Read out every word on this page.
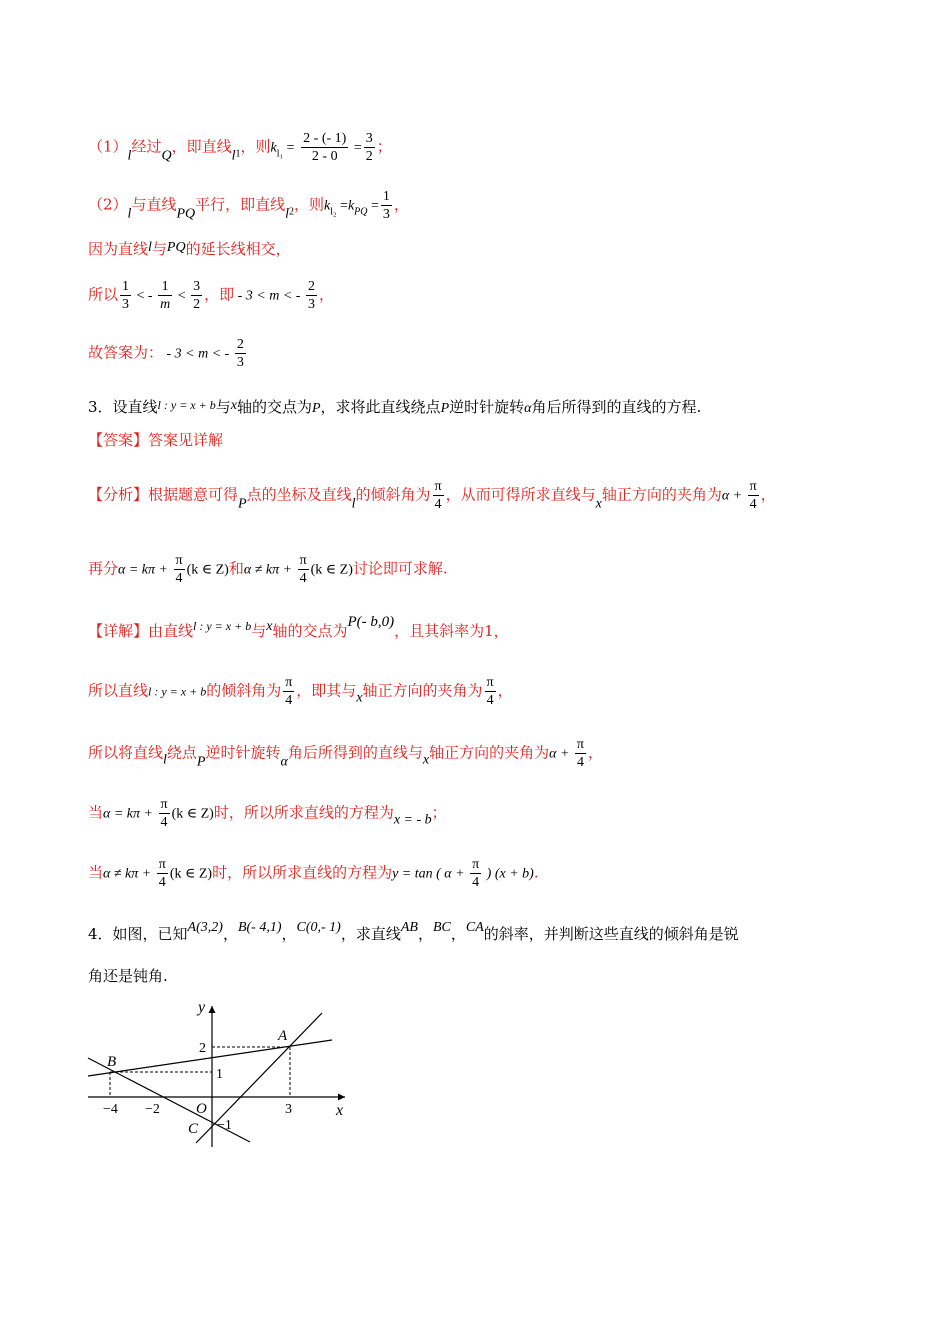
（1）l经过Q，即直线$l_1$，则$k_{l_1} = \frac{2 - (- 1)}{2 - 0} = \frac{3}{2}$ ；
（2）l与直线PQ平行，即直线$l_2$，则$k_{l_2} =k_{PQ} = \frac{1}{3}$ ，
因为直线l与PQ的延长线相交，
所以 $\frac{1}{3}$ < - $\frac{1}{m} < \frac{3}{2}$ ，即 - 3 < m < - $\frac{2}{3}$ ，
故答案为： - 3 < m < - $\frac{2}{3}$
3．设直线$^{l : y = x + b}$与x轴的交点为P，求将此直线绕点P逆时针旋转α角后所得到的直线的方程.
【答案】答案见详解
【分析】根据题意可得P点的坐标及直线l的倾斜角为 $\frac{\pi}{4}$ ，从而可得所求直线与x轴正方向的夹角为$\alpha + \frac{\pi}{4}$ ，
再分$\alpha = k\pi + \frac{\pi}{4} (k$ ∈ Z)和$\alpha \ne k\pi + \frac{\pi}{4} (k$ ∈ Z)讨论即可求解.
【详解】由直线$^{l : y = x + b}$与x轴的交点为P(- b,0)，且其斜率为1，
所以直线l : y = x + b的倾斜角为 $\frac{\pi}{4}$ ，即其与x轴正方向的夹角为 $\frac{\pi}{4}$ ，
所以将直线l绕点P逆时针旋转α角后所得到的直线与x轴正方向的夹角为$\alpha + \frac{\pi}{4}$ ，
当$\alpha = k\pi + \frac{\pi}{4} (k$ ∈ Z)时，所以所求直线的方程为x = - b；
当$\alpha \ne k\pi + \frac{\pi}{4} (k$ ∈ Z)时，所以所求直线的方程为y = tan ( $\alpha + \frac{\pi}{4}$ ) (x + b).
4．如图，已知A(3,2)，B(- 4,1)，C(0,- 1)，求直线AB，BC，CA的斜率，并判断这些直线的倾斜角是锐
角还是钝角.
y
x
O
A
B
C
2
1
−4 −2	3
−1
